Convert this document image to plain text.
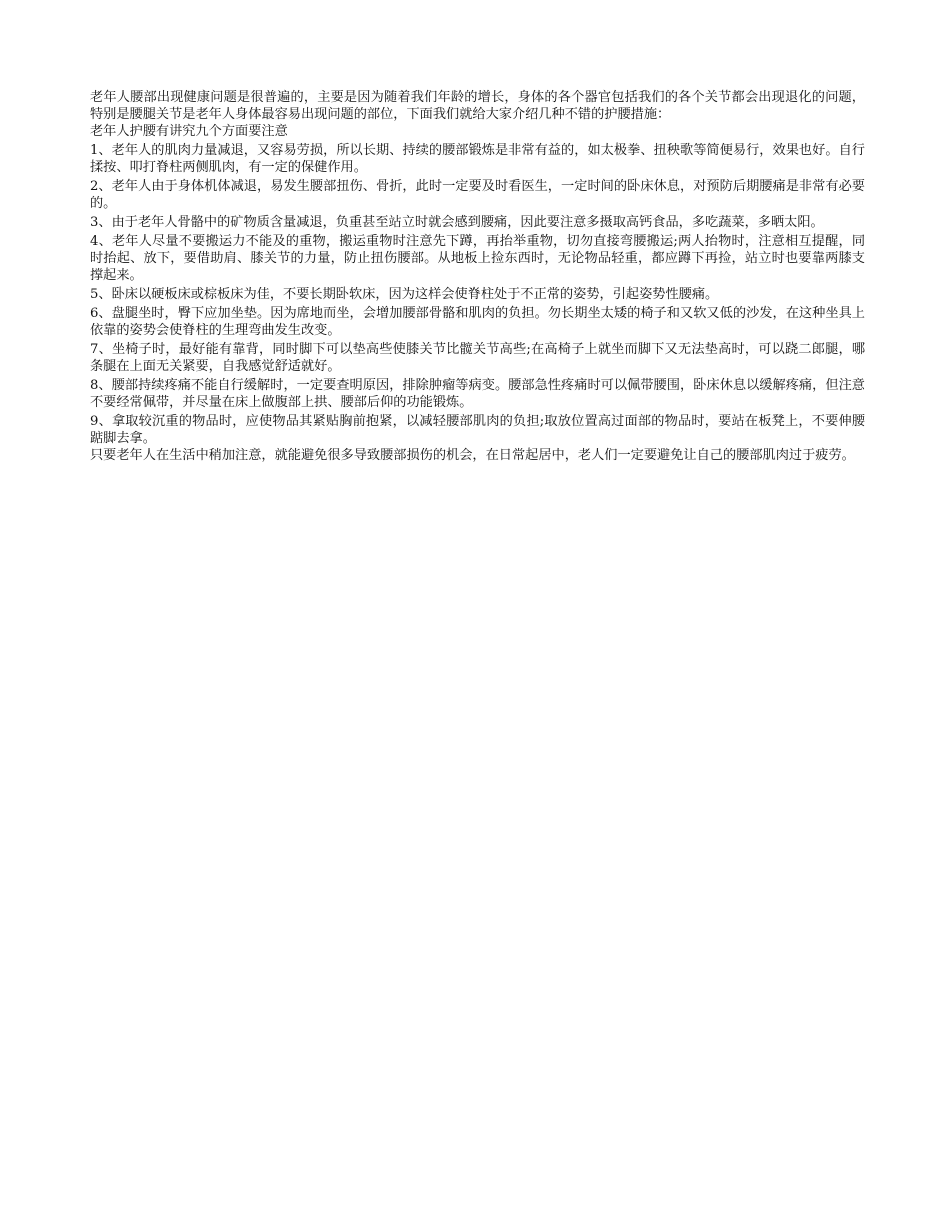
老年人腰部出现健康问题是很普遍的，主要是因为随着我们年龄的增长，身体的各个器官包括我们的各个关节都会出现退化的问题，特别是腰腿关节是老年人身体最容易出现问题的部位，下面我们就给大家介绍几种不错的护腰措施：

老年人护腰有讲究九个方面要注意

1、老年人的肌肉力量减退，又容易劳损，所以长期、持续的腰部锻炼是非常有益的，如太极拳、扭秧歌等简便易行，效果也好。自行揉按、叩打脊柱两侧肌肉，有一定的保健作用。

2、老年人由于身体机体减退，易发生腰部扭伤、骨折，此时一定要及时看医生，一定时间的卧床休息，对预防后期腰痛是非常有必要的。

3、由于老年人骨骼中的矿物质含量减退，负重甚至站立时就会感到腰痛，因此要注意多摄取高钙食品，多吃蔬菜，多晒太阳。

4、老年人尽量不要搬运力不能及的重物，搬运重物时注意先下蹲，再抬举重物，切勿直接弯腰搬运;两人抬物时，注意相互提醒，同时抬起、放下，要借助肩、膝关节的力量，防止扭伤腰部。从地板上捡东西时，无论物品轻重，都应蹲下再捡，站立时也要靠两膝支撑起来。

5、卧床以硬板床或棕板床为佳，不要长期卧软床，因为这样会使脊柱处于不正常的姿势，引起姿势性腰痛。

6、盘腿坐时，臀下应加坐垫。因为席地而坐，会增加腰部骨骼和肌肉的负担。勿长期坐太矮的椅子和又软又低的沙发，在这种坐具上依靠的姿势会使脊柱的生理弯曲发生改变。

7、坐椅子时，最好能有靠背，同时脚下可以垫高些使膝关节比髋关节高些;在高椅子上就坐而脚下又无法垫高时，可以跷二郎腿，哪条腿在上面无关紧要，自我感觉舒适就好。

8、腰部持续疼痛不能自行缓解时，一定要查明原因，排除肿瘤等病变。腰部急性疼痛时可以佩带腰围，卧床休息以缓解疼痛，但注意不要经常佩带，并尽量在床上做腹部上拱、腰部后仰的功能锻炼。

9、拿取较沉重的物品时，应使物品其紧贴胸前抱紧，以减轻腰部肌肉的负担;取放位置高过面部的物品时，要站在板凳上，不要伸腰踮脚去拿。

只要老年人在生活中稍加注意，就能避免很多导致腰部损伤的机会，在日常起居中，老人们一定要避免让自己的腰部肌肉过于疲劳。
